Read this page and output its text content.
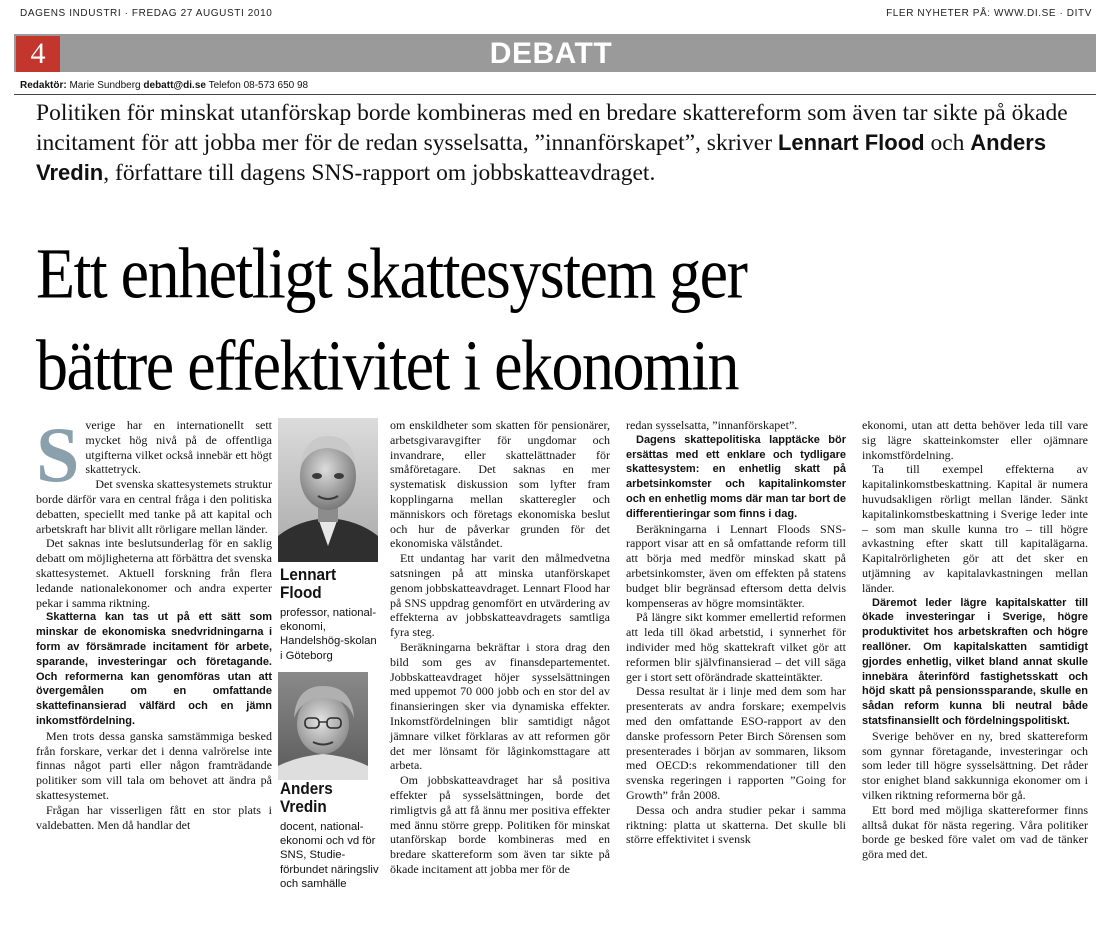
DAGENS INDUSTRI · FREDAG 27 AUGUSTI 2010	FLER NYHETER PÅ: WWW.DI.SE · DITV
4	DEBATT
Redaktör: Marie Sundberg debatt@di.se Telefon 08-573 650 98
Politiken för minskat utanförskap borde kombineras med en bredare skattereform som även tar sikte på ökade incitament för att jobba mer för de redan sysselsatta, ”innanförskapet”, skriver Lennart Flood och Anders Vredin, författare till dagens SNS-rapport om jobbskatteavdraget.
Ett enhetligt skattesystem ger
bättre effektivitet i ekonomin

Sverige har en internationellt sett mycket hög nivå på de offentliga utgifterna vilket också innebär ett högt skattetryck.

Det svenska skattesystemets struktur borde därför vara en central fråga i den politiska debatten, speciellt med tanke på att kapital och arbetskraft har blivit allt rörligare mellan länder.

Det saknas inte beslutsunderlag för en saklig debatt om möjligheterna att förbättra det svenska skattesystemet. Aktuell forskning från flera ledande nationalekonomer och andra experter pekar i samma riktning.

Skatterna kan tas ut på ett sätt som minskar de ekonomiska snedvridningarna i form av försämrade incitament för arbete, sparande, investeringar och företagande. Och reformerna kan genomföras utan att övergemålen om en omfattande skattefinansierad välfärd och en jämn inkomstfördelning.

Men trots dessa ganska samstämmiga besked från forskare, verkar det i denna valrörelse inte finnas något parti eller någon framträdande politiker som vill tala om behovet att ändra på skattesystemet.

Frågan har visserligen fått en stor plats i valdebatten. Men då handlar det

Lennart
Flood
professor, national-ekonomi, Handelshög-skolan i Göteborg
Anders
Vredin
docent, national-ekonomi och vd för SNS, Studie-förbundet näringsliv och samhälle

om enskildheter som skatten för pensionärer, arbetsgivaravgifter för ungdomar och invandrare, eller skattelättnader för småföretagare. Det saknas en mer systematisk diskussion som lyfter fram kopplingarna mellan skatteregler och människors och företags ekonomiska beslut och hur de påverkar grunden för det ekonomiska välståndet.

Ett undantag har varit den målmedvetna satsningen på att minska utanförskapet genom jobbskatteavdraget. Lennart Flood har på SNS uppdrag genomfört en utvärdering av effekterna av jobbskatteavdragets samtliga fyra steg.

Beräkningarna bekräftar i stora drag den bild som ges av finansdepartementet. Jobbskatteavdraget höjer sysselsättningen med uppemot 70 000 jobb och en stor del av finansieringen sker via dynamiska effekter. Inkomstfördelningen blir samtidigt något jämnare vilket förklaras av att reformen gör det mer lönsamt för låginkomsttagare att arbeta.

Om jobbskatteavdraget har så positiva effekter på sysselsättningen, borde det rimligtvis gå att få ännu mer positiva effekter med ännu större grepp. Politiken för minskat utanförskap borde kombineras med en bredare skattereform som även tar sikte på ökade incitament att jobba mer för de

redan sysselsatta, ”innanförskapet”.

Dagens skattepolitiska lapptäcke bör ersättas med ett enklare och tydligare skattesystem: en enhetlig skatt på arbetsinkomster och kapitalinkomster och en enhetlig moms där man tar bort de differentieringar som finns i dag.

Beräkningarna i Lennart Floods SNS-rapport visar att en så omfattande reform till att börja med medför minskad skatt på arbetsinkomster, även om effekten på statens budget blir begränsad eftersom detta delvis kompenseras av högre momsintäkter.

På längre sikt kommer emellertid reformen att leda till ökad arbetstid, i synnerhet för individer med hög skattekraft vilket gör att reformen blir självfinansierad – det vill säga ger i stort sett oförändrade skatteintäkter.

Dessa resultat är i linje med dem som har presenterats av andra forskare; exempelvis med den omfattande ESO-rapport av den danske professorn Peter Birch Sörensen som presenterades i början av sommaren, liksom med OECD:s rekommendationer till den svenska regeringen i rapporten ”Going for Growth” från 2008.

Dessa och andra studier pekar i samma riktning: platta ut skatterna. Det skulle bli större effektivitet i svensk

ekonomi, utan att detta behöver leda till vare sig lägre skatteinkomster eller ojämnare inkomstfördelning.

Ta till exempel effekterna av kapitalinkomstbeskattning. Kapital är numera huvudsakligen rörligt mellan länder. Sänkt kapitalinkomstbeskattning i Sverige leder inte – som man skulle kunna tro – till högre avkastning efter skatt till kapitalägarna. Kapitalrörligheten gör att det sker en utjämning av kapitalavkastningen mellan länder.

Däremot leder lägre kapitalskatter till ökade investeringar i Sverige, högre produktivitet hos arbetskraften och högre reallöner. Om kapitalskatten samtidigt gjordes enhetlig, vilket bland annat skulle innebära återinförd fastighetsskatt och höjd skatt på pensionssparande, skulle en sådan reform kunna bli neutral både statsfinansiellt och fördelningspolitiskt.

Sverige behöver en ny, bred skattereform som gynnar företagande, investeringar och som leder till högre sysselsättning. Det råder stor enighet bland sakkunniga ekonomer om i vilken riktning reformerna bör gå.

Ett bord med möjliga skattereformer finns alltså dukat för nästa regering. Våra politiker borde ge besked före valet om vad de tänker göra med det.
